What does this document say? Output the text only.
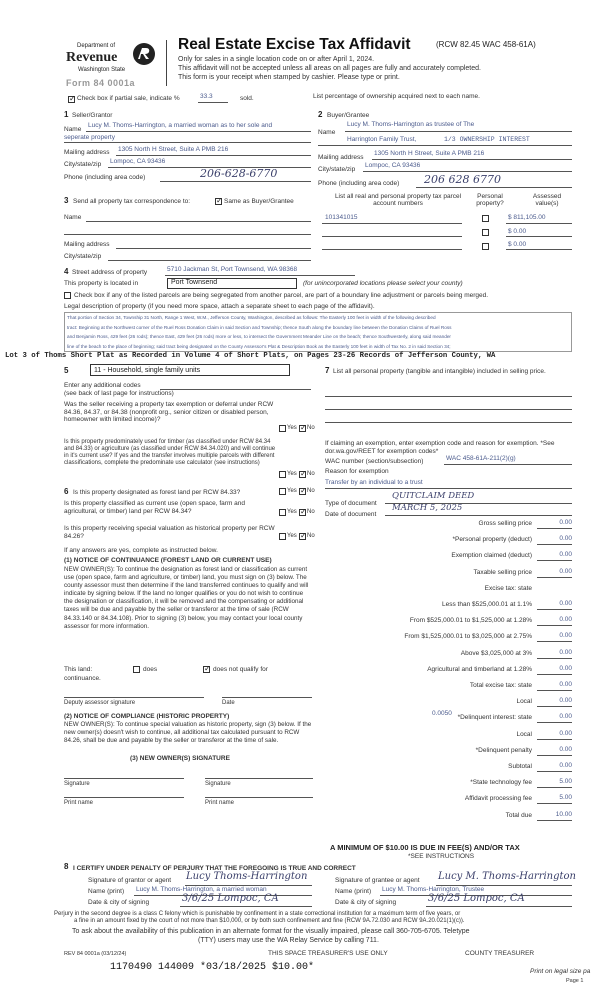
Department of
Revenue
Washington State
Form 84 0001a
Real Estate Excise Tax Affidavit	(RCW 82.45 WAC 458-61A)
Only for sales in a single location code on or after April 1, 2024.
This affidavit will not be accepted unless all areas on all pages are fully and accurately completed.
This form is your receipt when stamped by cashier. Please type or print.
✓
Check box if partial sale, indicate %	33.3	sold.	List percentage of ownership acquired next to each name.
1 Seller/Grantor
Name
Lucy M. Thoms-Harrington, a married woman as to her sole and
seperate property
Mailing address 1305 North H Street, Suite A PMB 216
City/state/zip Lompoc, CA 93436
Phone (including area code)	206-628-6770
2 Buyer/Grantee
Name
Lucy M. Thoms-Harrington as trustee of The
Harrington Family Trust,	1/3 OWNERSHIP INTEREST
Mailing address
1305 North H Street, Suite A PMB 216
City/state/zip
Lompoc, CA 93436
Phone (including area code) 206 628 6770
3 Send all property tax correspondence to: ✓	Same as Buyer/Grantee
Name
Mailing address
City/state/zip
List all real and personal property tax parcel account numbers
Personal property?
Assessed value(s)
101341015	$ 811,105.00
$ 0.00
$ 0.00
4 Street address of property	5710 Jackman St, Port Townsend, WA 98368
This property is located in	Port Townsend	(for unincorporated locations please select your county)
Check box if any of the listed parcels are being segregated from another parcel, are part of a boundary line adjustment or parcels being merged.
Legal description of property (if you need more space, attach a separate sheet to each page of the affidavit).
That portion of Section 34, Township 31 North, Range 1 West, W.M., Jefferson County, Washington, described as follows: The Easterly 100 feet in width of the following described
tract: Beginning at the Northwest corner of the Ruel Ross Donation Claim in said Section and Township; thence South along the boundary line between the Donation Claims of Ruel Ross
and Benjamin Ross, 429 feet (26 rods); thence East, 429 feet (26 rods) more or less, to intersect the Government Meander Line on the beach; thence Southwesterly, along said meander
line of the beach to the place of beginning; said tract being designated on the County Assessor's Plat & Description Book as the Easterly 100 feet in width of Tax No. 2 in said Section 34;
Lot 3 of Thoms Short Plat as Recorded in Volume 4 of Short Plats, on Pages 23-26 Records of Jefferson County, WA
5	11 - Household, single family units
Enter any additional codes
(see back of last page for instructions)
Was the seller receiving a property tax exemption or deferral under RCW 84.36, 84.37, or 84.38 (nonprofit org., senior citizen or disabled person, homeowner with limited income)?
Yes ✓ No
Is this property predominately used for timber (as classified under RCW 84.34 and 84.33) or agriculture (as classified under RCW 84.34.020) and will continue in it's current use? If yes and the transfer involves multiple parcels with different classifications, complete the predominate use calculator (see instructions)
Yes ✓ No
6 Is this property designated as forest land per RCW 84.33?	Yes ✓ No
Is this property classified as current use (open space, farm and agricultural, or timber) land per RCW 84.34?	Yes ✓ No
Is this property receiving special valuation as historical property per RCW 84.26?	Yes ✓ No
If any answers are yes, complete as instructed below.
(1) NOTICE OF CONTINUANCE (FOREST LAND OR CURRENT USE)
NEW OWNER(S): To continue the designation as forest land or classification as current use (open space, farm and agriculture, or timber) land, you must sign on (3) below. The county assessor must then determine if the land transferred continues to qualify and will indicate by signing below. If the land no longer qualifies or you do not wish to continue the designation or classification, it will be removed and the compensating or additional taxes will be due and payable by the seller or transferor at the time of sale (RCW 84.33.140 or 84.34.108). Prior to signing (3) below, you may contact your local county assessor for more information.
This land:	does ✓	does not qualify for
continuance.
Deputy assessor signature	Date
(2) NOTICE OF COMPLIANCE (HISTORIC PROPERTY)
NEW OWNER(S): To continue special valuation as historic property, sign (3) below. If the new owner(s) doesn't wish to continue, all additional tax calculated pursuant to RCW 84.26, shall be due and payable by the seller or transferor at the time of sale.
(3) NEW OWNER(S) SIGNATURE
Signature	Signature
Print name	Print name
7 List all personal property (tangible and intangible) included in selling price.
If claiming an exemption, enter exemption code and reason for exemption. *See dor.wa.gov/REET for exemption codes*
WAC number (section/subsection)	WAC 458-61A-211(2)(g)
Reason for exemption
Transfer by an individual to a trust
Type of document
QUITCLAIM DEED
Date of document
MARCH 5, 2025
Gross selling price	0.00
*Personal property (deduct)	0.00
Exemption claimed (deduct)	0.00
Taxable selling price	0.00
Excise tax: state
Less than $525,000.01 at 1.1%	0.00
From $525,000.01 to $1,525,000 at 1.28%	0.00
From $1,525,000.01 to $3,025,000 at 2.75%	0.00
Above $3,025,000 at 3%	0.00
Agricultural and timberland at 1.28%	0.00
Total excise tax: state	0.00
Local	0.00
*Delinquent interest: state	0.00
Local	0.00
*Delinquent penalty	0.00
Subtotal	0.00
*State technology fee	5.00
Affidavit processing fee	5.00
Total due	10.00
0.0050
A MINIMUM OF $10.00 IS DUE IN FEE(S) AND/OR TAX
*SEE INSTRUCTIONS
8 I CERTIFY UNDER PENALTY OF PERJURY THAT THE FOREGOING IS TRUE AND CORRECT
Signature of grantor or agent Lucy Thoms-Harrington
Name (print) Lucy M. Thoms-Harrington, a married woman
Date & city of signing	3/6/25 Lompoc, CA
Signature of grantee or agent Lucy M. Thoms-Harrington
Name (print) Lucy M. Thoms-Harrington, Trustee
Date & city of signing	3/6/25 Lompoc, CA
Perjury in the second degree is a class C felony which is punishable by confinement in a state correctional institution for a maximum term of five years, or
a fine in an amount fixed by the court of not more than $10,000, or by both such confinement and fine (RCW 9A.72.030 and RCW 9A.20.021(1)(c)).
To ask about the availability of this publication in an alternate format for the visually impaired, please call 360-705-6705. Teletype
(TTY) users may use the WA Relay Service by calling 711.
REV 84 0001a (03/12/24)	THIS SPACE TREASURER'S USE ONLY	COUNTY TREASURER
1170490 144009 *03/18/2025 $10.00*	Print on legal size pa
Page 1
